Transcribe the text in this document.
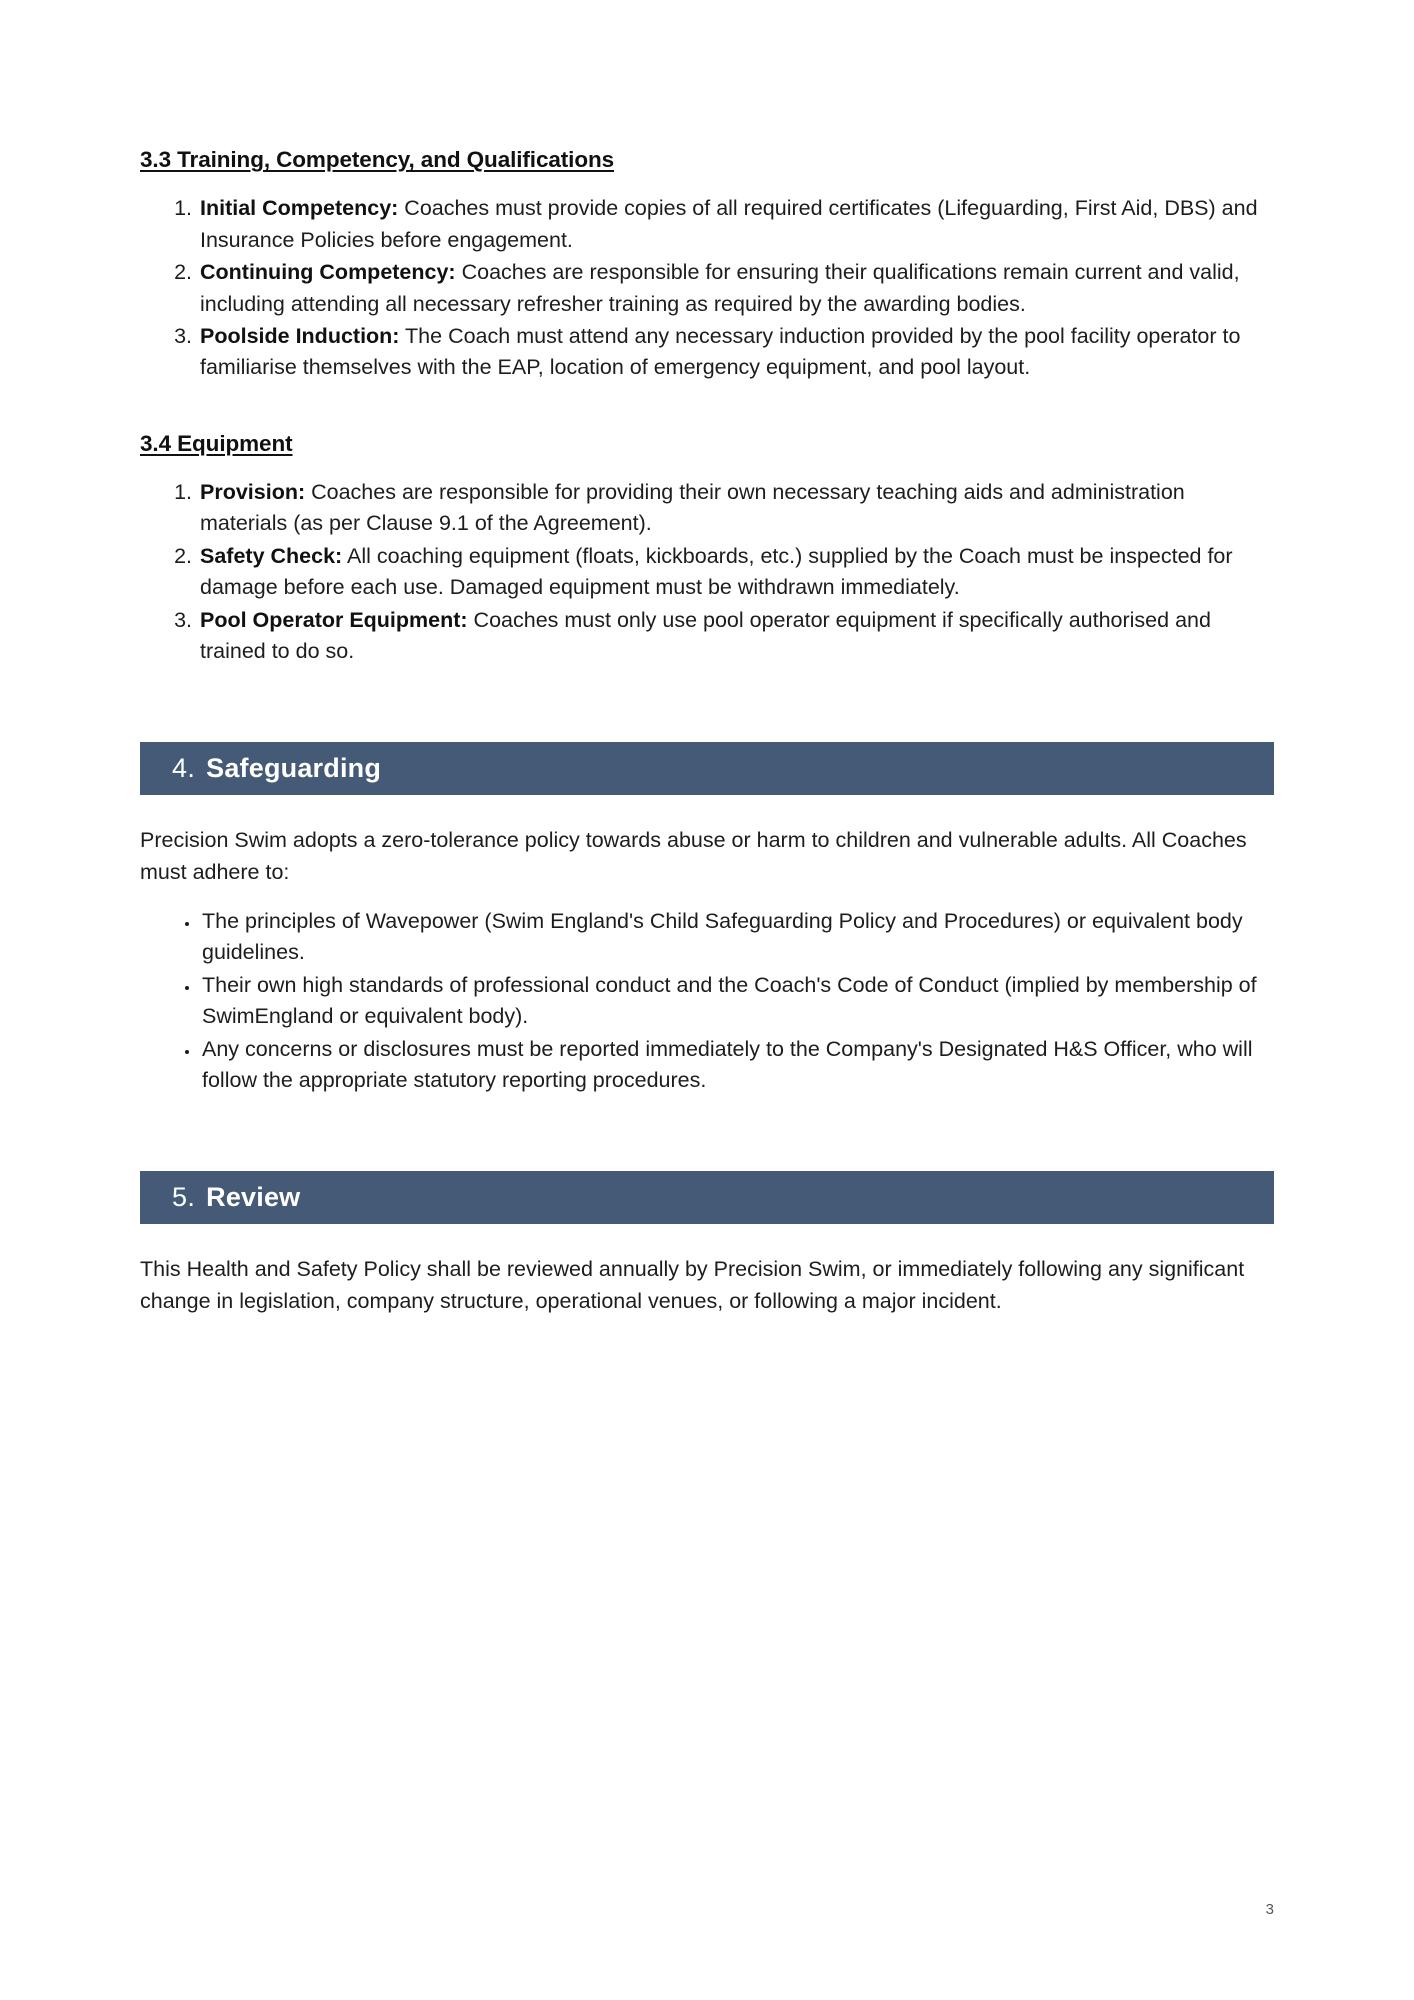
3.3 Training, Competency, and Qualifications
1. Initial Competency: Coaches must provide copies of all required certificates (Lifeguarding, First Aid, DBS) and Insurance Policies before engagement.
2. Continuing Competency: Coaches are responsible for ensuring their qualifications remain current and valid, including attending all necessary refresher training as required by the awarding bodies.
3. Poolside Induction: The Coach must attend any necessary induction provided by the pool facility operator to familiarise themselves with the EAP, location of emergency equipment, and pool layout.
3.4 Equipment
1. Provision: Coaches are responsible for providing their own necessary teaching aids and administration materials (as per Clause 9.1 of the Agreement).
2. Safety Check: All coaching equipment (floats, kickboards, etc.) supplied by the Coach must be inspected for damage before each use. Damaged equipment must be withdrawn immediately.
3. Pool Operator Equipment: Coaches must only use pool operator equipment if specifically authorised and trained to do so.
4. Safeguarding

Precision Swim adopts a zero-tolerance policy towards abuse or harm to children and vulnerable adults. All Coaches must adhere to:

• The principles of Wavepower (Swim England's Child Safeguarding Policy and Procedures) or equivalent body guidelines.
• Their own high standards of professional conduct and the Coach's Code of Conduct (implied by membership of SwimEngland or equivalent body).
• Any concerns or disclosures must be reported immediately to the Company's Designated H&S Officer, who will follow the appropriate statutory reporting procedures.
5. Review

This Health and Safety Policy shall be reviewed annually by Precision Swim, or immediately following any significant change in legislation, company structure, operational venues, or following a major incident.

3
